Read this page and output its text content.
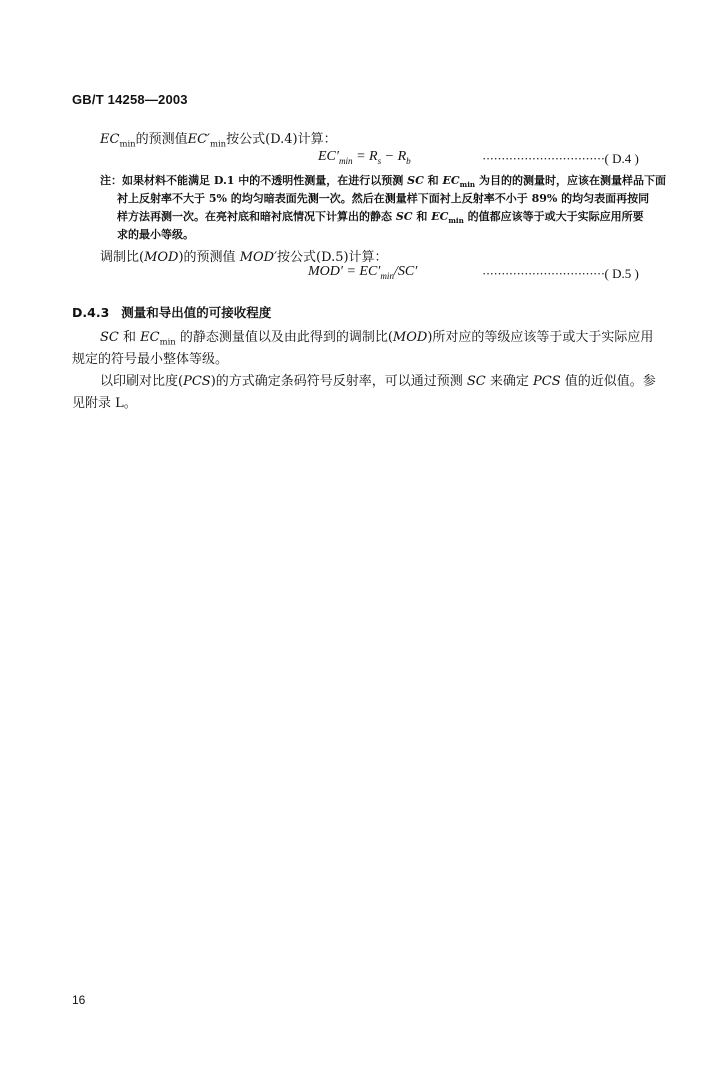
GB/T 14258—2003
$EC_{min}$的预测值$EC'_{min}$按公式(D.4)计算：
$EC'_{min} = R_s - R_b$	································( D.4 )
注：如果材料不能满足 D.1 中的不透明性测量，在进行以预测 SC 和 $EC_{min}$ 为目的的测量时，应该在测量样品下面
衬上反射率不大于 5% 的均匀暗表面先测一次。然后在测量样下面衬上反射率不小于 89% 的均匀表面再按同
样方法再测一次。在亮衬底和暗衬底情况下计算出的静态 SC 和 $EC_{min}$ 的值都应该等于或大于实际应用所要
求的最小等级。
调制比(MOD)的预测值 MOD′按公式(D.5)计算：
$MOD' = EC'_{min}/SC'$	································( D.5 )
D.4.3 测量和导出值的可接收程度
SC 和 $EC_{min}$ 的静态测量值以及由此得到的调制比(MOD)所对应的等级应该等于或大于实际应用
规定的符号最小整体等级。
以印刷对比度(PCS)的方式确定条码符号反射率，可以通过预测 SC 来确定 PCS 值的近似值。参
见附录 L。
16
